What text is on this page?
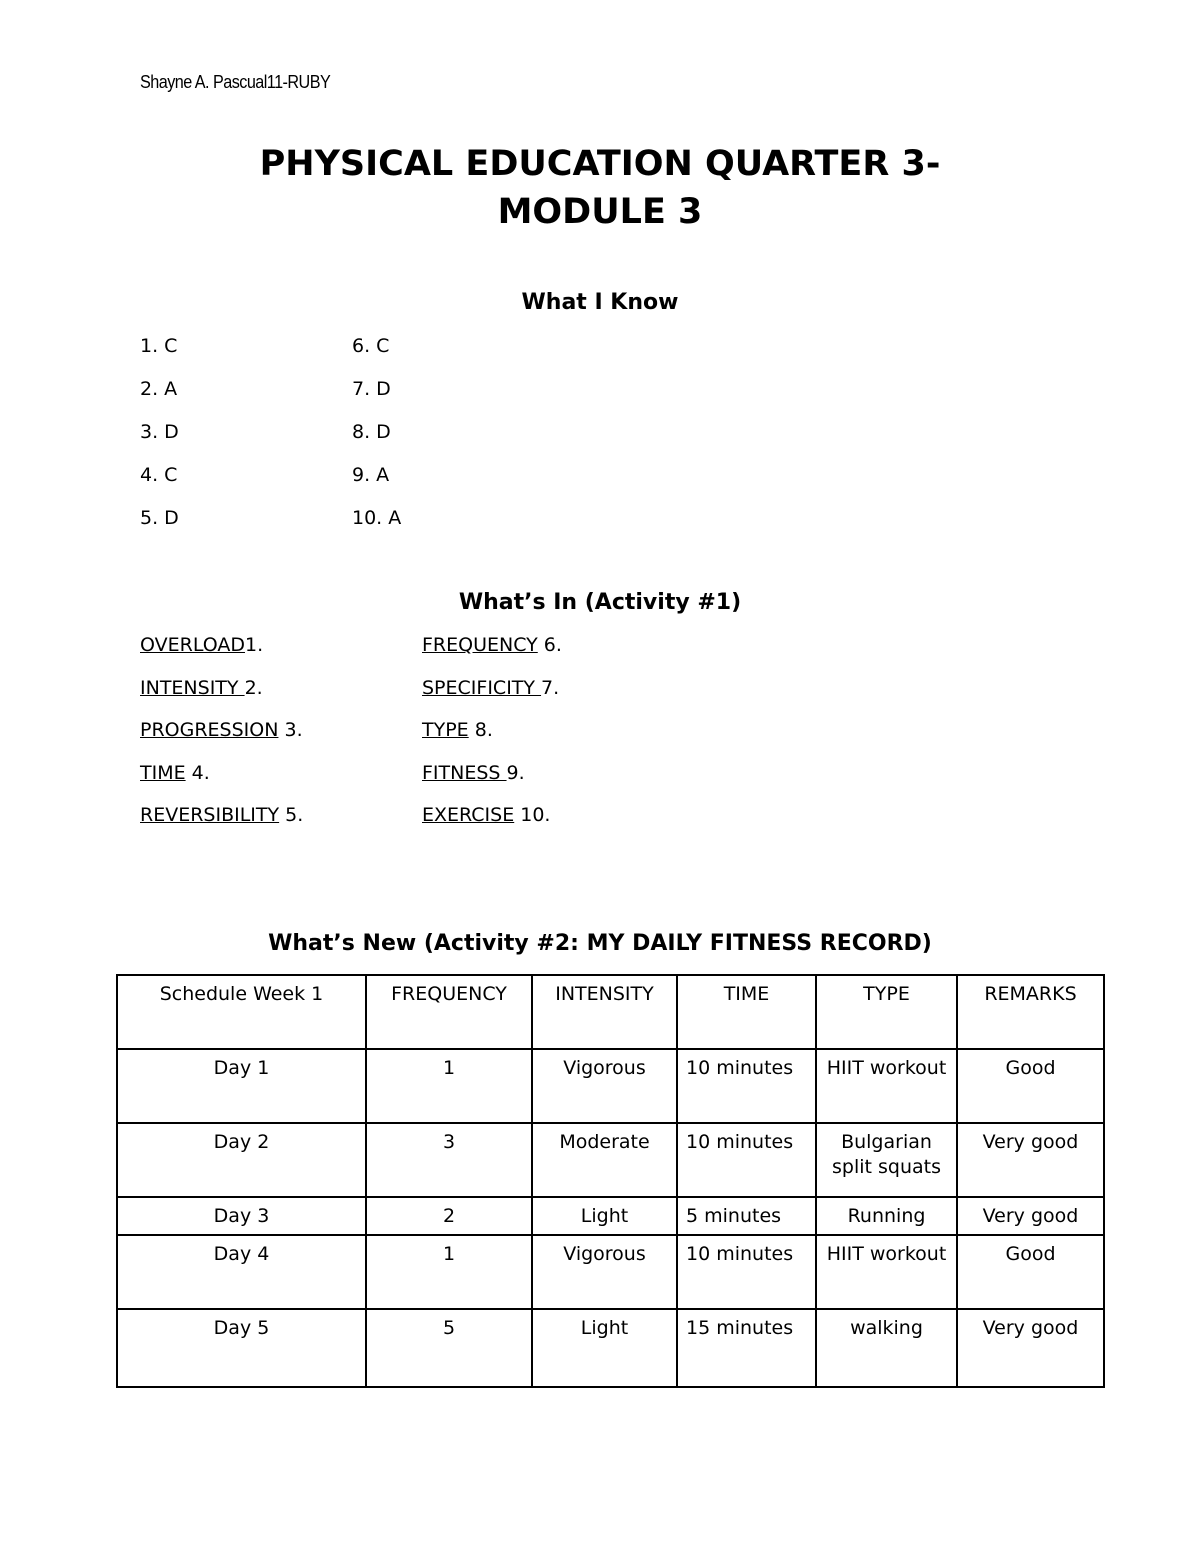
Shayne A. Pascual11-RUBY
PHYSICAL EDUCATION QUARTER 3-
MODULE 3
What I Know
1. C
2. A
3. D
4. C
5. D
6. C
7. D
8. D
9. A
10. A
What’s In (Activity #1)
OVERLOAD1.
INTENSITY 2.
PROGRESSION 3.
TIME 4.
REVERSIBILITY 5.
FREQUENCY 6.
SPECIFICITY 7.
TYPE 8.
FITNESS 9.
EXERCISE 10.
What’s New (Activity #2: MY DAILY FITNESS RECORD)
Schedule Week 1	FREQUENCY	INTENSITY	TIME	TYPE	REMARKS
Day 1	1	Vigorous	10 minutes	HIIT workout	Good
Day 2	3	Moderate	10 minutes	Bulgarian split squats	Very good
Day 3	2	Light	5 minutes	Running	Very good
Day 4	1	Vigorous	10 minutes	HIIT workout	Good
Day 5	5	Light	15 minutes	walking	Very good
